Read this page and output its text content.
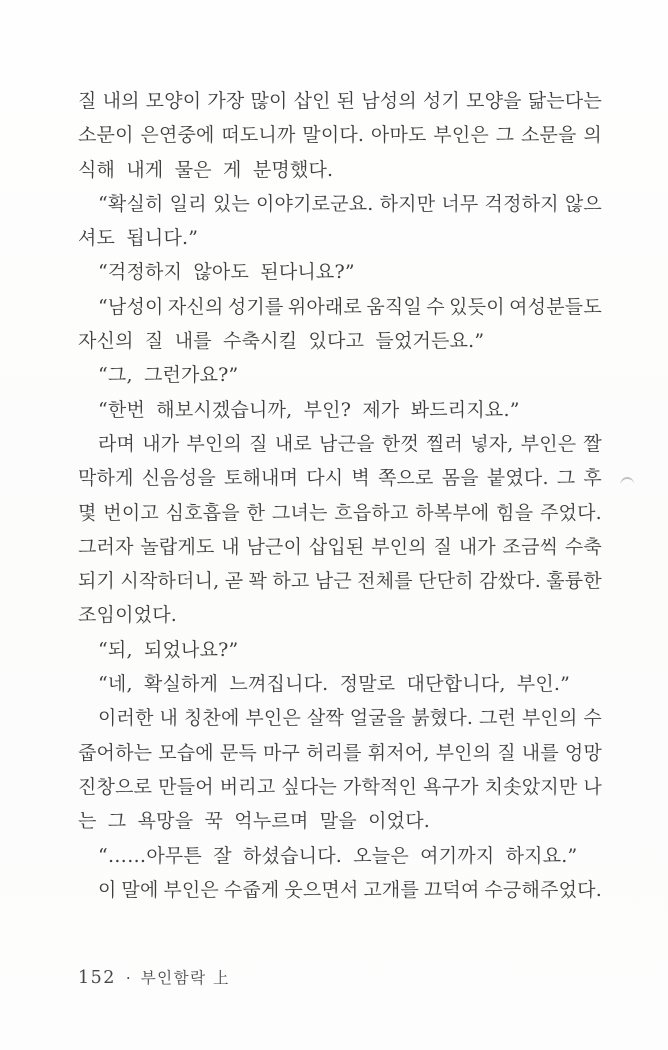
질 내의 모양이 가장 많이 삽인 된 남성의 성기 모양을 닮는다는
소문이 은연중에 떠도니까 말이다. 아마도 부인은 그 소문을 의
식해 내게 물은 게 분명했다.
“확실히 일리 있는 이야기로군요. 하지만 너무 걱정하지 않으
셔도 됩니다.”
“걱정하지 않아도 된다니요?”
“남성이 자신의 성기를 위아래로 움직일 수 있듯이 여성분들도
자신의 질 내를 수축시킬 있다고 들었거든요.”
“그, 그런가요?”
“한번 해보시겠습니까, 부인? 제가 봐드리지요.”
라며 내가 부인의 질 내로 남근을 한껏 찔러 넣자, 부인은 짤
막하게 신음성을 토해내며 다시 벽 쪽으로 몸을 붙였다. 그 후
몇 번이고 심호흡을 한 그녀는 흐읍하고 하복부에 힘을 주었다.
그러자 놀랍게도 내 남근이 삽입된 부인의 질 내가 조금씩 수축
되기 시작하더니, 곧 꽉 하고 남근 전체를 단단히 감쌌다. 훌륭한
조임이었다.
“되, 되었나요?”
“네, 확실하게 느껴집니다. 정말로 대단합니다, 부인.”
이러한 내 칭찬에 부인은 살짝 얼굴을 붉혔다. 그런 부인의 수
줍어하는 모습에 문득 마구 허리를 휘저어, 부인의 질 내를 엉망
진창으로 만들어 버리고 싶다는 가학적인 욕구가 치솟았지만 나
는 그 욕망을 꾹 억누르며 말을 이었다.
“……아무튼 잘 하셨습니다. 오늘은 여기까지 하지요.”
이 말에 부인은 수줍게 웃으면서 고개를 끄덕여 수긍해주었다.
152 · 부인함락 上
